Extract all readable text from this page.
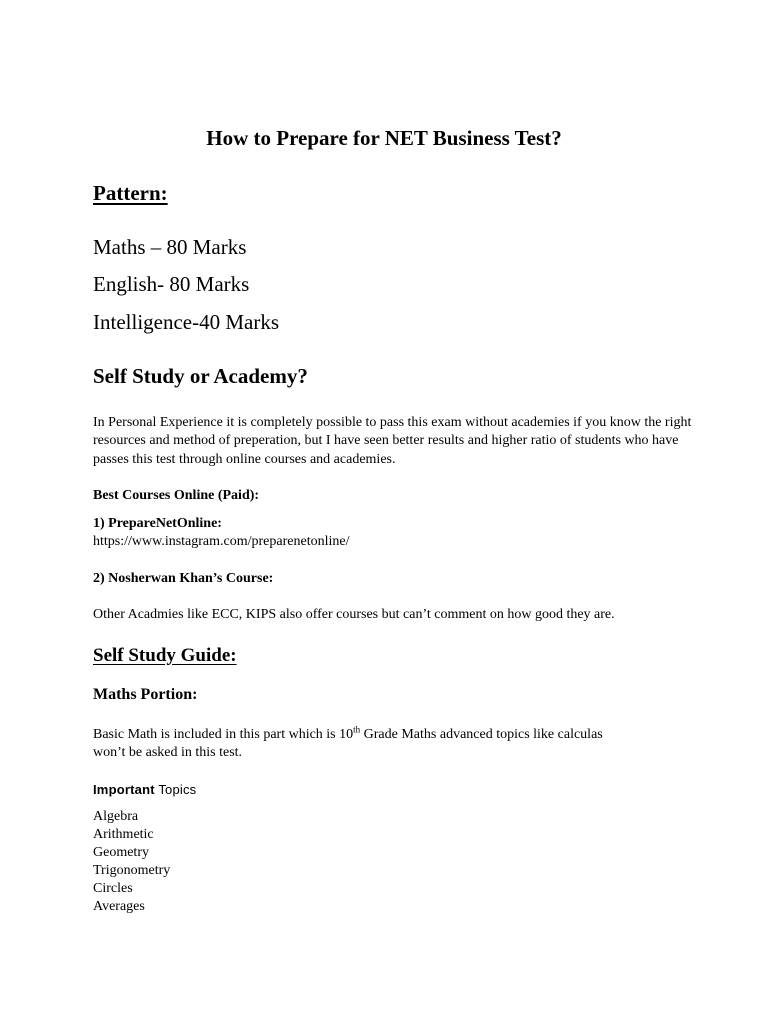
How to Prepare for NET Business Test?
Pattern:
Maths – 80 Marks
English- 80 Marks
Intelligence-40 Marks
Self Study or Academy?

In Personal Experience it is completely possible to pass this exam without academies if you know the right resources and method of preperation, but I have seen better results and higher ratio of students who have passes this test through online courses and academies.

Best Courses Online (Paid):
1) PrepareNetOnline:
https://www.instagram.com/preparenetonline/
2) Nosherwan Khan’s Course:
Other Acadmies like ECC, KIPS also offer courses but can’t comment on how good they are.
Self Study Guide:
Maths Portion:
Basic Math is included in this part which is 10th Grade Maths advanced topics like calculas
won’t be asked in this test.
Important Topics
Algebra
Arithmetic
Geometry
Trigonometry
Circles
Averages
